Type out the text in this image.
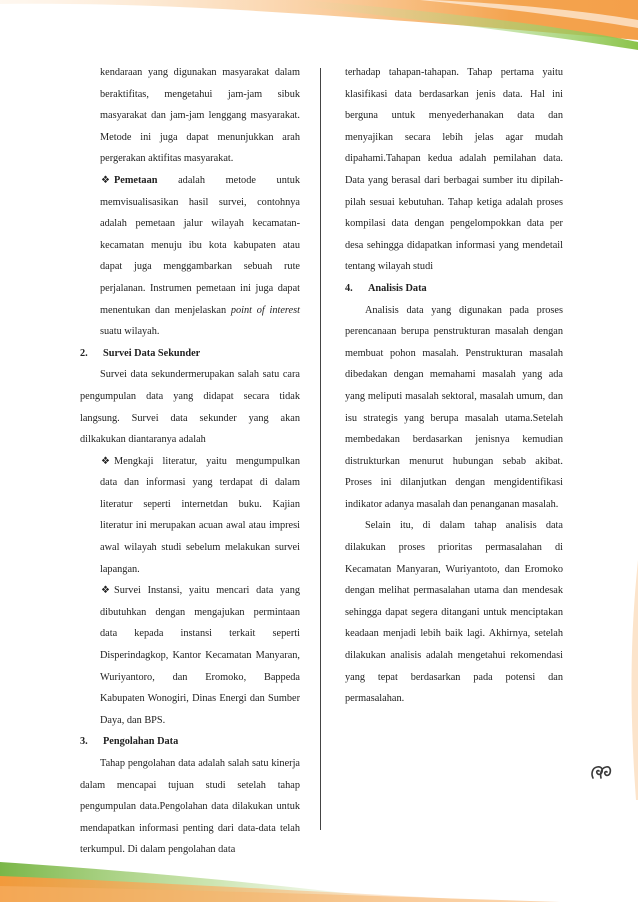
kendaraan yang digunakan masyarakat dalam beraktifitas, mengetahui jam-jam sibuk masyarakat dan jam-jam lenggang masyarakat. Metode ini juga dapat menunjukkan arah pergerakan aktifitas masyarakat.

❖ Pemetaan adalah metode untuk memvisualisasikan hasil survei, contohnya adalah pemetaan jalur wilayah kecamatan-kecamatan menuju ibu kota kabupaten atau dapat juga menggambarkan sebuah rute perjalanan. Instrumen pemetaan ini juga dapat menentukan dan menjelaskan point of interest suatu wilayah.

2.	Survei Data Sekunder

Survei data sekundermerupakan salah satu cara pengumpulan data yang didapat secara tidak langsung. Survei data sekunder yang akan dilkakukan diantaranya adalah

❖ Mengkaji literatur, yaitu mengumpulkan data dan informasi yang terdapat di dalam literatur seperti internetdan buku. Kajian literatur ini merupakan acuan awal atau impresi awal wilayah studi sebelum melakukan survei lapangan.

❖ Survei Instansi, yaitu mencari data yang dibutuhkan dengan mengajukan permintaan data kepada instansi terkait seperti Disperindagkop, Kantor Kecamatan Manyaran, Wuriyantoro, dan Eromoko, Bappeda Kabupaten Wonogiri, Dinas Energi dan Sumber Daya, dan BPS.

3.	Pengolahan Data

Tahap pengolahan data adalah salah satu kinerja dalam mencapai tujuan studi setelah tahap pengumpulan data.Pengolahan data dilakukan untuk mendapatkan informasi penting dari data-data telah terkumpul. Di dalam pengolahan data

terhadap tahapan-tahapan. Tahap pertama yaitu klasifikasi data berdasarkan jenis data. Hal ini berguna untuk menyederhanakan data dan menyajikan secara lebih jelas agar mudah dipahami.Tahapan kedua adalah pemilahan data. Data yang berasal dari berbagai sumber itu dipilah-pilah sesuai kebutuhan. Tahap ketiga adalah proses kompilasi data dengan pengelompokkan data per desa sehingga didapatkan informasi yang mendetail tentang wilayah studi

4.	Analisis Data

Analisis data yang digunakan pada proses perencanaan berupa penstrukturan masalah dengan membuat pohon masalah. Penstrukturan masalah dibedakan dengan memahami masalah yang ada yang meliputi masalah sektoral, masalah umum, dan isu strategis yang berupa masalah utama.Setelah membedakan berdasarkan jenisnya kemudian distrukturkan menurut hubungan sebab akibat. Proses ini dilanjutkan dengan mengidentifikasi indikator adanya masalah dan penanganan masalah.

Selain itu, di dalam tahap analisis data dilakukan proses prioritas permasalahan di Kecamatan Manyaran, Wuriyantoto, dan Eromoko dengan melihat permasalahan utama dan mendesak sehingga dapat segera ditangani untuk menciptakan keadaan menjadi lebih baik lagi. Akhirnya, setelah dilakukan analisis adalah mengetahui rekomendasi yang tepat berdasarkan pada potensi dan permasalahan.
